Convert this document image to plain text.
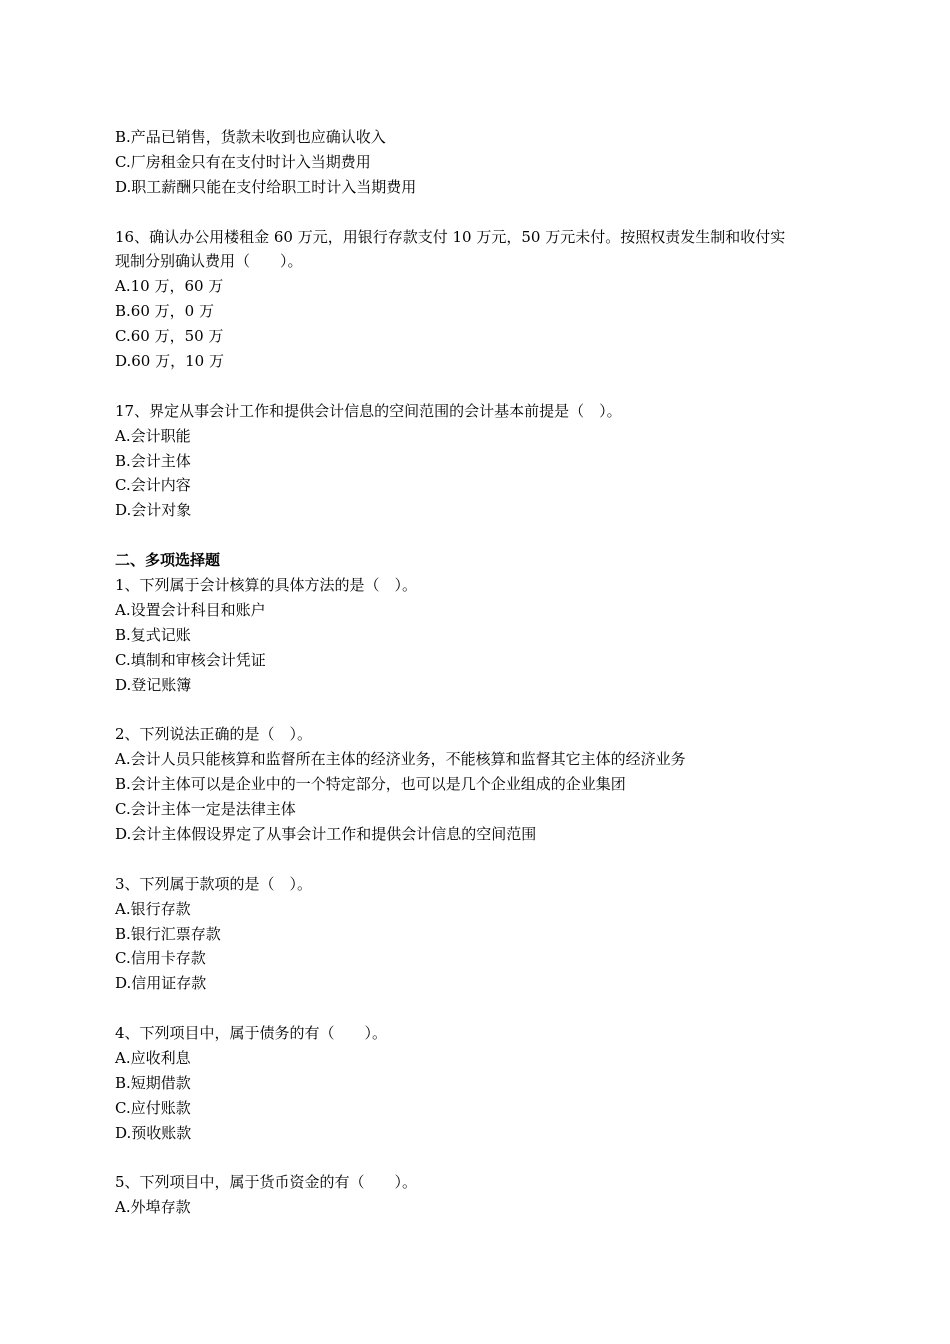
B.产品已销售，货款未收到也应确认收入
C.厂房租金只有在支付时计入当期费用
D.职工薪酬只能在支付给职工时计入当期费用
16、确认办公用楼租金 60 万元，用银行存款支付 10 万元，50 万元未付。按照权责发生制和收付实
现制分别确认费用（　　）。
A.10 万，60 万
B.60 万，0 万
C.60 万，50 万
D.60 万，10 万
17、界定从事会计工作和提供会计信息的空间范围的会计基本前提是（　）。
A.会计职能
B.会计主体
C.会计内容
D.会计对象
二、多项选择题
1、下列属于会计核算的具体方法的是（　）。
A.设置会计科目和账户
B.复式记账
C.填制和审核会计凭证
D.登记账簿
2、下列说法正确的是（　）。
A.会计人员只能核算和监督所在主体的经济业务，不能核算和监督其它主体的经济业务
B.会计主体可以是企业中的一个特定部分，也可以是几个企业组成的企业集团
C.会计主体一定是法律主体
D.会计主体假设界定了从事会计工作和提供会计信息的空间范围
3、下列属于款项的是（　）。
A.银行存款
B.银行汇票存款
C.信用卡存款
D.信用证存款
4、下列项目中，属于债务的有（　　）。
A.应收利息
B.短期借款
C.应付账款
D.预收账款
5、下列项目中，属于货币资金的有（　　）。
A.外埠存款
